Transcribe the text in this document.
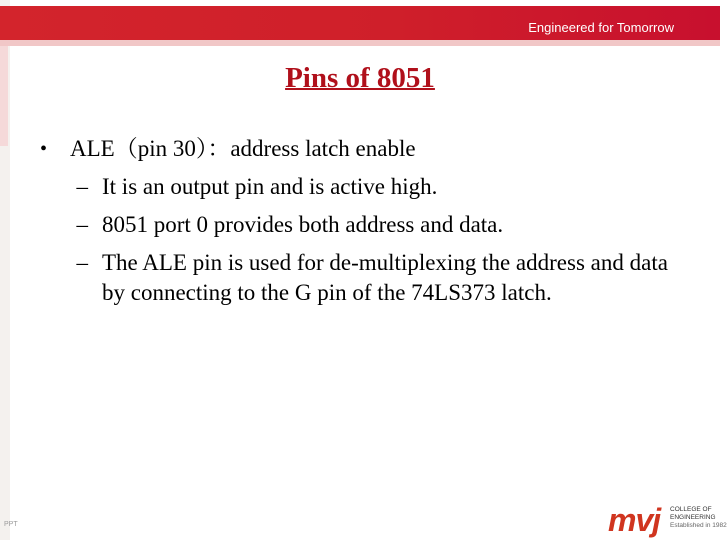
Engineered for Tomorrow
Pins of 8051
• ALE（pin 30）：address latch enable
– It is an output pin and is active high.
– 8051 port 0 provides both address and data.
– The ALE pin is used for de-multiplexing the address and data by connecting to the G pin of the 74LS373 latch.
mvj COLLEGE OF
ENGINEERING
Established in 1982
PPT
